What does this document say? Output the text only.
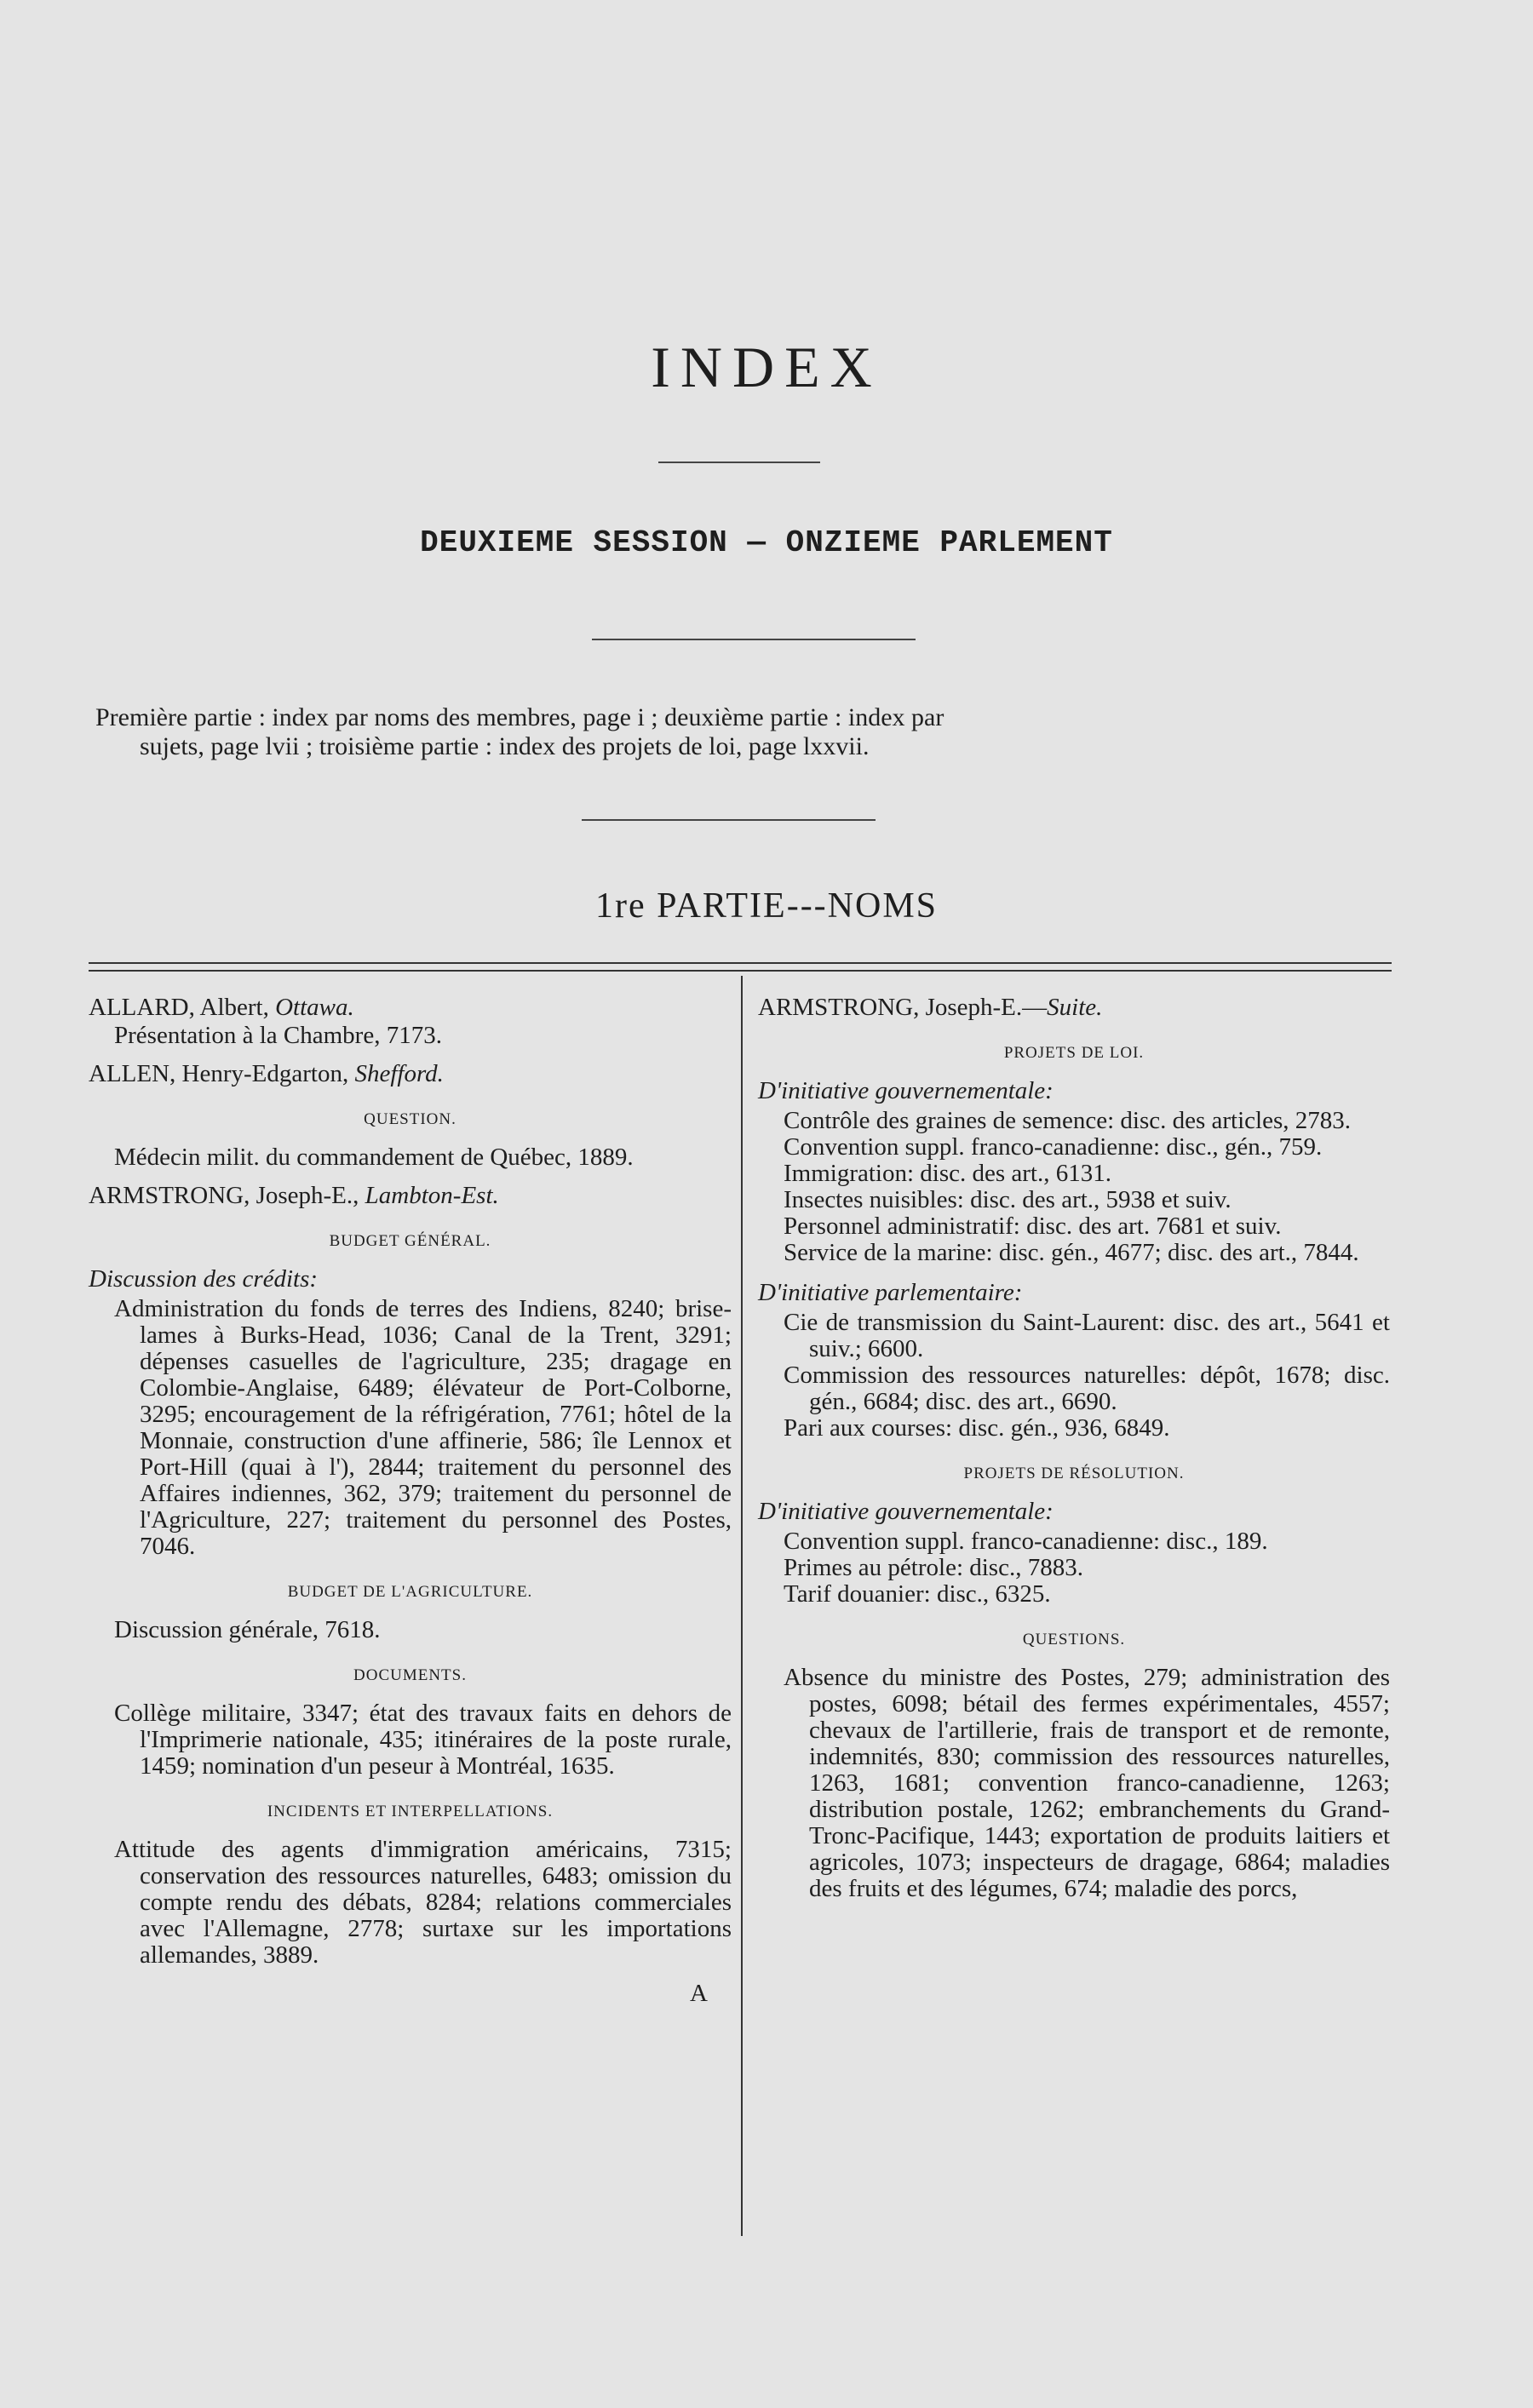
INDEX
DEUXIEME SESSION — ONZIEME PARLEMENT

Première partie : index par noms des membres, page i ; deuxième partie : index par

sujets, page lvii ; troisième partie : index des projets de loi, page lxxvii.

1re PARTIE---NOMS

ALLARD, Albert, Ottawa.

Présentation à la Chambre, 7173.

ALLEN, Henry-Edgarton, Shefford.

QUESTION.

Médecin milit. du commandement de Québec, 1889.

ARMSTRONG, Joseph-E., Lambton-Est.

BUDGET GÉNÉRAL.

Discussion des crédits:

Administration du fonds de terres des Indiens, 8240; brise-lames à Burks-Head, 1036; Canal de la Trent, 3291; dépenses casuelles de l'agriculture, 235; dragage en Colombie-Anglaise, 6489; élévateur de Port-Colborne, 3295; encouragement de la réfrigération, 7761; hôtel de la Monnaie, construction d'une affinerie, 586; île Lennox et Port-Hill (quai à l'), 2844; traitement du personnel des Affaires indiennes, 362, 379; traitement du personnel de l'Agriculture, 227; traitement du personnel des Postes, 7046.

BUDGET DE L'AGRICULTURE.

Discussion générale, 7618.

DOCUMENTS.

Collège militaire, 3347; état des travaux faits en dehors de l'Imprimerie nationale, 435; itinéraires de la poste rurale, 1459; nomination d'un peseur à Montréal, 1635.

INCIDENTS ET INTERPELLATIONS.

Attitude des agents d'immigration américains, 7315; conservation des ressources naturelles, 6483; omission du compte rendu des débats, 8284; relations commerciales avec l'Allemagne, 2778; surtaxe sur les importations allemandes, 3889.

A

ARMSTRONG, Joseph-E.—Suite.

PROJETS DE LOI.

D'initiative gouvernementale:

Contrôle des graines de semence: disc. des articles, 2783.

Convention suppl. franco-canadienne: disc., gén., 759.

Immigration: disc. des art., 6131.

Insectes nuisibles: disc. des art., 5938 et suiv.

Personnel administratif: disc. des art. 7681 et suiv.

Service de la marine: disc. gén., 4677; disc. des art., 7844.

D'initiative parlementaire:

Cie de transmission du Saint-Laurent: disc. des art., 5641 et suiv.; 6600.

Commission des ressources naturelles: dépôt, 1678; disc. gén., 6684; disc. des art., 6690.

Pari aux courses: disc. gén., 936, 6849.

PROJETS DE RÉSOLUTION.

D'initiative gouvernementale:

Convention suppl. franco-canadienne: disc., 189.

Primes au pétrole: disc., 7883.

Tarif douanier: disc., 6325.

QUESTIONS.

Absence du ministre des Postes, 279; administration des postes, 6098; bétail des fermes expérimentales, 4557; chevaux de l'artillerie, frais de transport et de remonte, indemnités, 830; commission des ressources naturelles, 1263, 1681; convention franco-canadienne, 1263; distribution postale, 1262; embranchements du Grand-Tronc-Pacifique, 1443; exportation de produits laitiers et agricoles, 1073; inspecteurs de dragage, 6864; maladies des fruits et des légumes, 674; maladie des porcs,
